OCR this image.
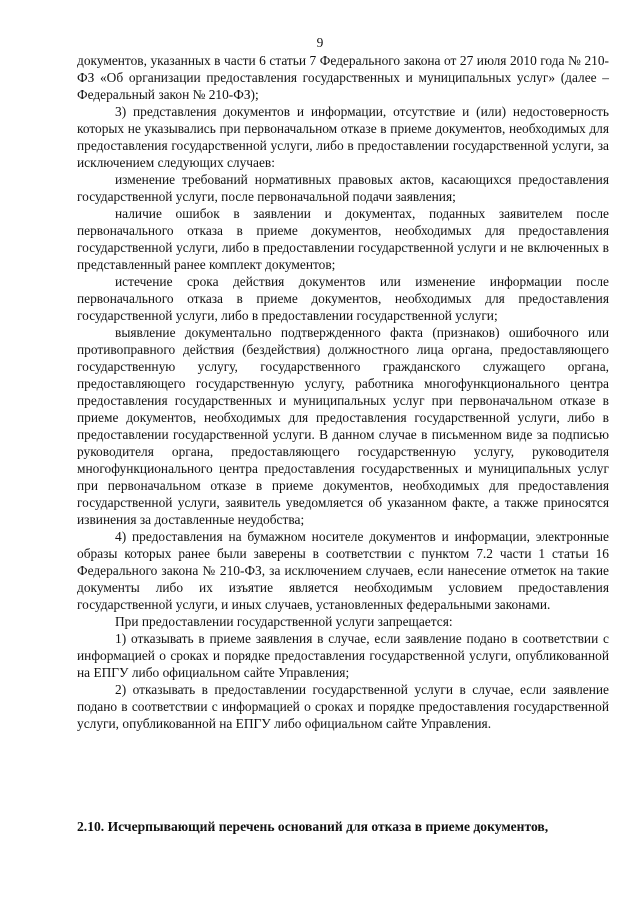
9

документов, указанных в части 6 статьи 7 Федерального закона от 27 июля 2010 года № 210-ФЗ «Об организации предоставления государственных и муниципальных услуг» (далее – Федеральный закон № 210-ФЗ);

3) представления документов и информации, отсутствие и (или) недостоверность которых не указывались при первоначальном отказе в приеме документов, необходимых для предоставления государственной услуги, либо в предоставлении государственной услуги, за исключением следующих случаев:

изменение требований нормативных правовых актов, касающихся предоставления государственной услуги, после первоначальной подачи заявления;

наличие ошибок в заявлении и документах, поданных заявителем после первоначального отказа в приеме документов, необходимых для предоставления государственной услуги, либо в предоставлении государственной услуги и не включенных в представленный ранее комплект документов;

истечение срока действия документов или изменение информации после первоначального отказа в приеме документов, необходимых для предоставления государственной услуги, либо в предоставлении государственной услуги;

выявление документально подтвержденного факта (признаков) ошибочного или противоправного действия (бездействия) должностного лица органа, предоставляющего государственную услугу, государственного гражданского служащего органа, предоставляющего государственную услугу, работника многофункционального центра предоставления государственных и муниципальных услуг при первоначальном отказе в приеме документов, необходимых для предоставления государственной услуги, либо в предоставлении государственной услуги. В данном случае в письменном виде за подписью руководителя органа, предоставляющего государственную услугу, руководителя многофункционального центра предоставления государственных и муниципальных услуг при первоначальном отказе в приеме документов, необходимых для предоставления государственной услуги, заявитель уведомляется об указанном факте, а также приносятся извинения за доставленные неудобства;

4) предоставления на бумажном носителе документов и информации, электронные образы которых ранее были заверены в соответствии с пунктом 7.2 части 1 статьи 16 Федерального закона № 210-ФЗ, за исключением случаев, если нанесение отметок на такие документы либо их изъятие является необходимым условием предоставления государственной услуги, и иных случаев, установленных федеральными законами.

При предоставлении государственной услуги запрещается:

1) отказывать в приеме заявления в случае, если заявление подано в соответствии с информацией о сроках и порядке предоставления государственной услуги, опубликованной на ЕПГУ либо официальном сайте Управления;

2) отказывать в предоставлении государственной услуги в случае, если заявление подано в соответствии с информацией о сроках и порядке предоставления государственной услуги, опубликованной на ЕПГУ либо официальном сайте Управления.

2.10. Исчерпывающий перечень оснований для отказа в приеме документов,
